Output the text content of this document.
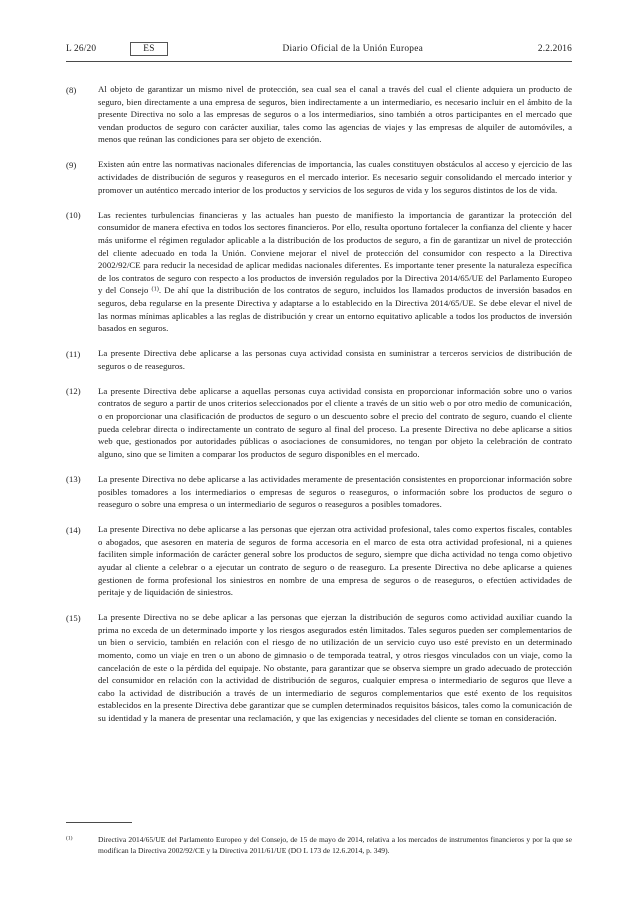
L 26/20	ES	Diario Oficial de la Unión Europea	2.2.2016
(8)	Al objeto de garantizar un mismo nivel de protección, sea cual sea el canal a través del cual el cliente adquiera un producto de seguro, bien directamente a una empresa de seguros, bien indirectamente a un intermediario, es necesario incluir en el ámbito de la presente Directiva no solo a las empresas de seguros o a los intermediarios, sino también a otros participantes en el mercado que vendan productos de seguro con carácter auxiliar, tales como las agencias de viajes y las empresas de alquiler de automóviles, a menos que reúnan las condiciones para ser objeto de exención.
(9)	Existen aún entre las normativas nacionales diferencias de importancia, las cuales constituyen obstáculos al acceso y ejercicio de las actividades de distribución de seguros y reaseguros en el mercado interior. Es necesario seguir consolidando el mercado interior y promover un auténtico mercado interior de los productos y servicios de los seguros de vida y los seguros distintos de los de vida.
(10)	Las recientes turbulencias financieras y las actuales han puesto de manifiesto la importancia de garantizar la protección del consumidor de manera efectiva en todos los sectores financieros. Por ello, resulta oportuno fortalecer la confianza del cliente y hacer más uniforme el régimen regulador aplicable a la distribución de los productos de seguro, a fin de garantizar un nivel de protección del cliente adecuado en toda la Unión. Conviene mejorar el nivel de protección del consumidor con respecto a la Directiva 2002/92/CE para reducir la necesidad de aplicar medidas nacionales diferentes. Es importante tener presente la naturaleza específica de los contratos de seguro con respecto a los productos de inversión regulados por la Directiva 2014/65/UE del Parlamento Europeo y del Consejo $^{(1)}$. De ahí que la distribución de los contratos de seguro, incluidos los llamados productos de inversión basados en seguros, deba regularse en la presente Directiva y adaptarse a lo establecido en la Directiva 2014/65/UE. Se debe elevar el nivel de las normas mínimas aplicables a las reglas de distribución y crear un entorno equitativo aplicable a todos los productos de inversión basados en seguros.
(11)	La presente Directiva debe aplicarse a las personas cuya actividad consista en suministrar a terceros servicios de distribución de seguros o de reaseguros.
(12)	La presente Directiva debe aplicarse a aquellas personas cuya actividad consista en proporcionar información sobre uno o varios contratos de seguro a partir de unos criterios seleccionados por el cliente a través de un sitio web o por otro medio de comunicación, o en proporcionar una clasificación de productos de seguro o un descuento sobre el precio del contrato de seguro, cuando el cliente pueda celebrar directa o indirectamente un contrato de seguro al final del proceso. La presente Directiva no debe aplicarse a sitios web que, gestionados por autoridades públicas o asociaciones de consumidores, no tengan por objeto la celebración de contrato alguno, sino que se limiten a comparar los productos de seguro disponibles en el mercado.
(13)	La presente Directiva no debe aplicarse a las actividades meramente de presentación consistentes en proporcionar información sobre posibles tomadores a los intermediarios o empresas de seguros o reaseguros, o información sobre los productos de seguro o reaseguro o sobre una empresa o un intermediario de seguros o reaseguros a posibles tomadores.
(14)	La presente Directiva no debe aplicarse a las personas que ejerzan otra actividad profesional, tales como expertos fiscales, contables o abogados, que asesoren en materia de seguros de forma accesoria en el marco de esta otra actividad profesional, ni a quienes faciliten simple información de carácter general sobre los productos de seguro, siempre que dicha actividad no tenga como objetivo ayudar al cliente a celebrar o a ejecutar un contrato de seguro o de reaseguro. La presente Directiva no debe aplicarse a quienes gestionen de forma profesional los siniestros en nombre de una empresa de seguros o de reaseguros, o efectúen actividades de peritaje y de liquidación de siniestros.
(15)	La presente Directiva no se debe aplicar a las personas que ejerzan la distribución de seguros como actividad auxiliar cuando la prima no exceda de un determinado importe y los riesgos asegurados estén limitados. Tales seguros pueden ser complementarios de un bien o servicio, también en relación con el riesgo de no utilización de un servicio cuyo uso esté previsto en un determinado momento, como un viaje en tren o un abono de gimnasio o de temporada teatral, y otros riesgos vinculados con un viaje, como la cancelación de este o la pérdida del equipaje. No obstante, para garantizar que se observa siempre un grado adecuado de protección del consumidor en relación con la actividad de distribución de seguros, cualquier empresa o intermediario de seguros que lleve a cabo la actividad de distribución a través de un intermediario de seguros complementarios que esté exento de los requisitos establecidos en la presente Directiva debe garantizar que se cumplen determinados requisitos básicos, tales como la comunicación de su identidad y la manera de presentar una reclamación, y que las exigencias y necesidades del cliente se toman en consideración.
$^{(1)}$	Directiva 2014/65/UE del Parlamento Europeo y del Consejo, de 15 de mayo de 2014, relativa a los mercados de instrumentos financieros y por la que se modifican la Directiva 2002/92/CE y la Directiva 2011/61/UE (DO L 173 de 12.6.2014, p. 349).
